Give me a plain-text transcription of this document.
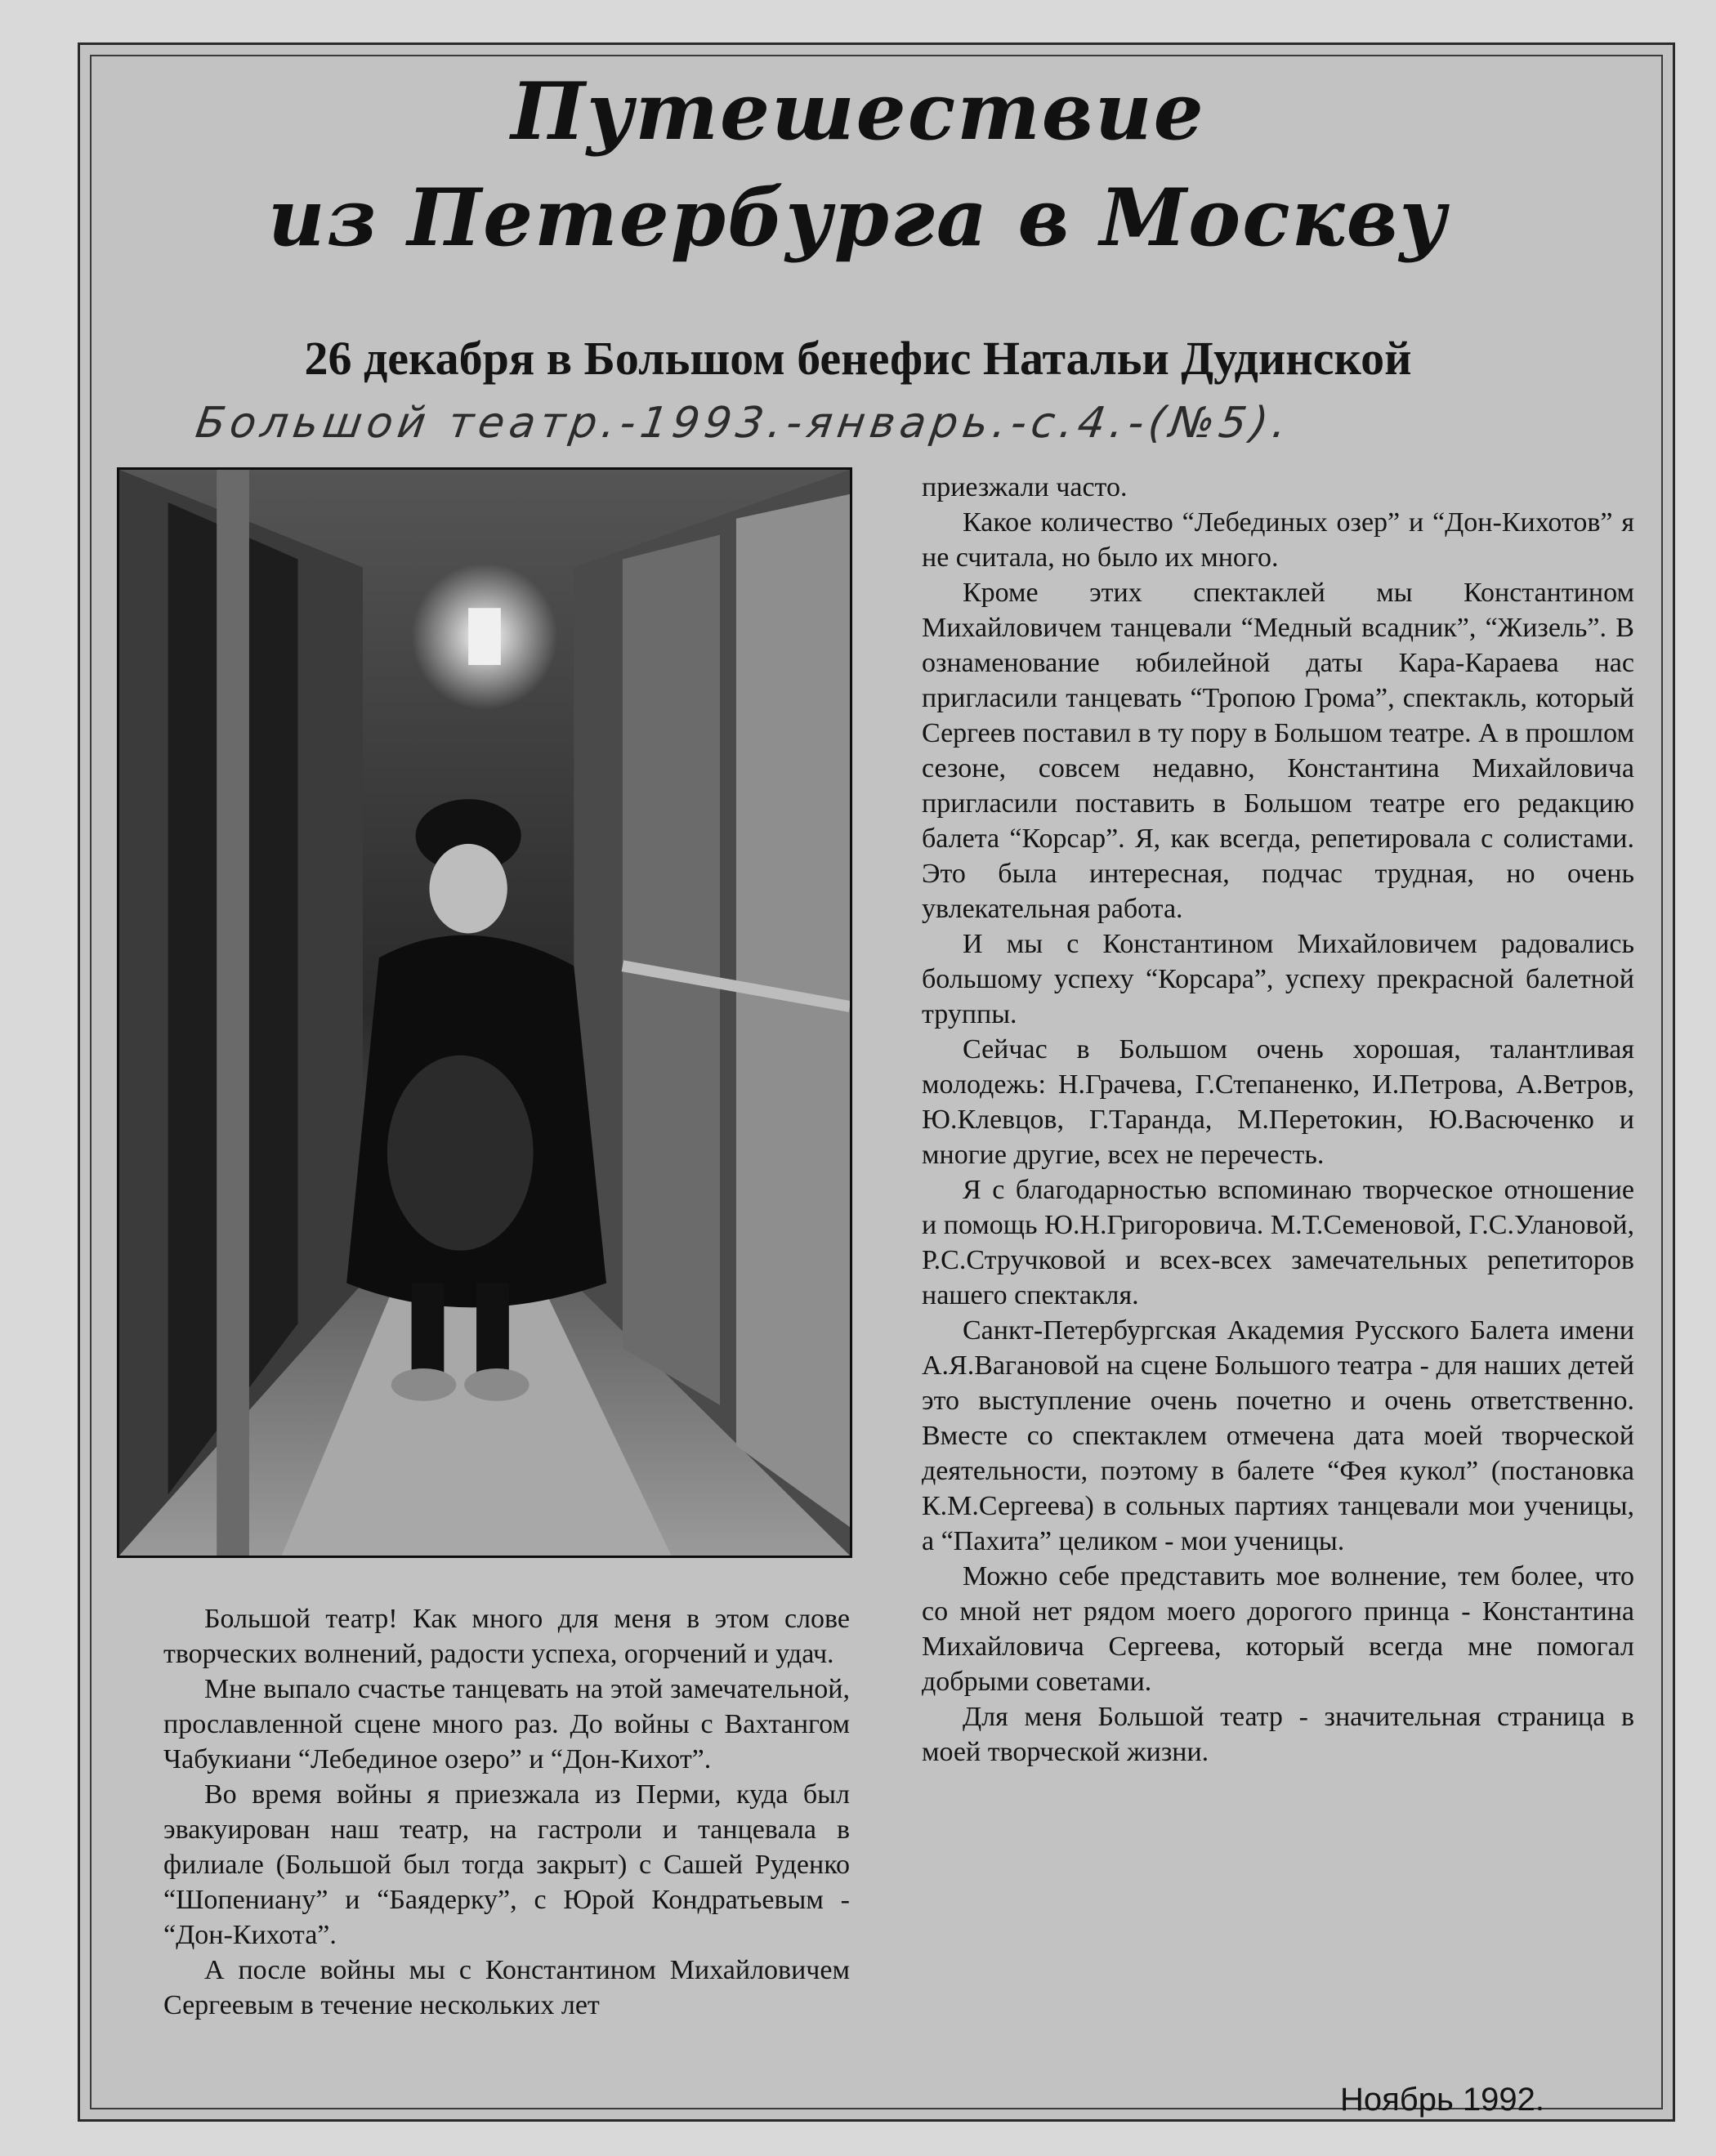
Путешествие
из Петербурга в Москву
26 декабря в Большом бенефис Натальи Дудинской
Большой театр.-1993.-январь.-с.4.-(№5).

Большой театр! Как много для меня в этом слове творческих волнений, радости успеха, огорчений и удач.

Мне выпало счастье танцевать на этой замечательной, прославленной сцене много раз. До войны с Вахтангом Чабукиани “Лебединое озеро” и “Дон-Кихот”.

Во время войны я приезжала из Перми, куда был эвакуирован наш театр, на гастроли и танцевала в филиале (Большой был тогда закрыт) с Сашей Руденко “Шопениану” и “Баядерку”, с Юрой Кондратьевым - “Дон-Кихота”.

А после войны мы с Константином Михайловичем Сергеевым в течение нескольких лет

приезжали часто.

Какое количество “Лебединых озер” и “Дон-Кихотов” я не считала, но было их много.

Кроме этих спектаклей мы Константином Михайловичем танцевали “Медный всадник”, “Жизель”. В ознаменование юбилейной даты Кара-Караева нас пригласили танцевать “Тропою Грома”, спектакль, который Сергеев поставил в ту пору в Большом театре. А в прошлом сезоне, совсем недавно, Константина Михайловича пригласили поставить в Большом театре его редакцию балета “Корсар”. Я, как всегда, репетировала с солистами. Это была интересная, подчас трудная, но очень увлекательная работа.

И мы с Константином Михайловичем радовались большому успеху “Корсара”, успеху прекрасной балетной труппы.

Сейчас в Большом очень хорошая, талантливая молодежь: Н.Грачева, Г.Степаненко, И.Петрова, А.Ветров, Ю.Клевцов, Г.Таранда, М.Перетокин, Ю.Васюченко и многие другие, всех не перечесть.

Я с благодарностью вспоминаю творческое отношение и помощь Ю.Н.Григоровича. М.Т.Семеновой, Г.С.Улановой, Р.С.Стручковой и всех-всех замечательных репетиторов нашего спектакля.

Санкт-Петербургская Академия Русского Балета имени А.Я.Вагановой на сцене Большого театра - для наших детей это выступление очень почетно и очень ответственно. Вместе со спектаклем отмечена дата моей творческой деятельности, поэтому в балете “Фея кукол” (постановка К.М.Сергеева) в сольных партиях танцевали мои ученицы, а “Пахита” целиком - мои ученицы.

Можно себе представить мое волнение, тем более, что со мной нет рядом моего дорогого принца - Константина Михайловича Сергеева, который всегда мне помогал добрыми советами.

Для меня Большой театр - значительная страница в моей творческой жизни.

Ноябрь 1992.
